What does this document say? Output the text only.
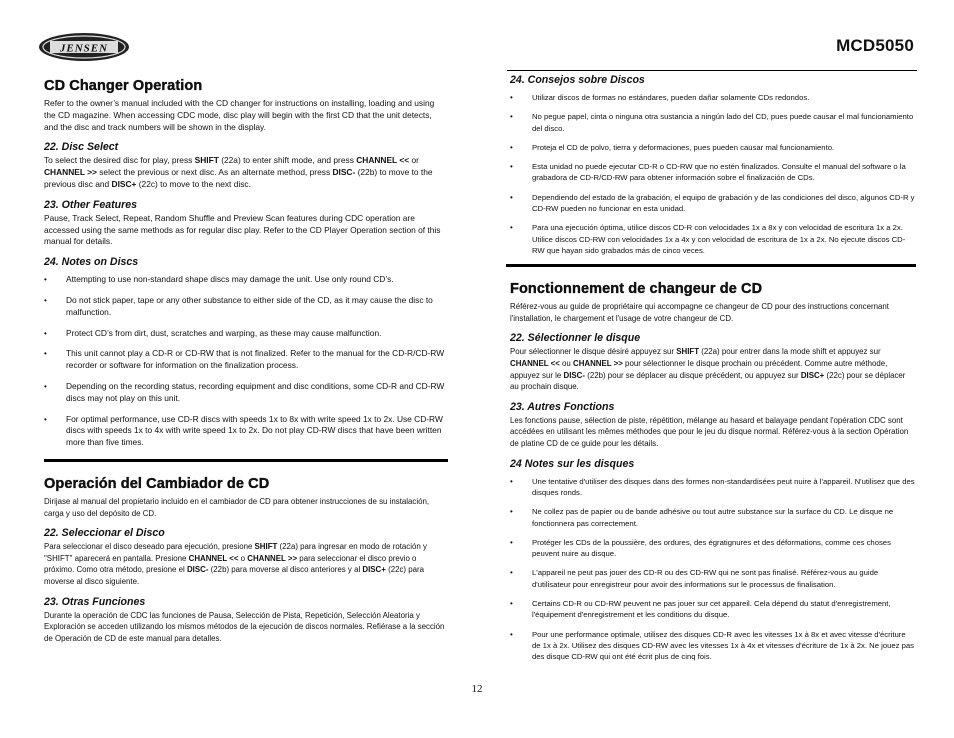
JENSEN	MCD5050
CD Changer Operation

Refer to the owner’s manual included with the CD changer for instructions on installing, loading and using the CD magazine. When accessing CDC mode, disc play will begin with the first CD that the unit detects, and the disc and track numbers will be shown in the display.

22. Disc Select

To select the desired disc for play, press SHIFT (22a) to enter shift mode, and press CHANNEL << or CHANNEL >> select the previous or next disc. As an alternate method, press DISC- (22b) to move to the previous disc and DISC+ (22c) to move to the next disc.

23. Other Features

Pause, Track Select, Repeat, Random Shuffle and Preview Scan features during CDC operation are accessed using the same methods as for regular disc play. Refer to the CD Player Operation section of this manual for details.

24. Notes on Discs
• Attempting to use non-standard shape discs may damage the unit. Use only round CD’s.
• Do not stick paper, tape or any other substance to either side of the CD, as it may cause the disc to malfunction.
• Protect CD’s from dirt, dust, scratches and warping, as these may cause malfunction.
• This unit cannot play a CD-R or CD-RW that is not finalized. Refer to the manual for the CD-R/CD-RW recorder or software for information on the finalization process.
• Depending on the recording status, recording equipment and disc conditions, some CD-R and CD-RW discs may not play on this unit.
• For optimal performance, use CD-R discs with speeds 1x to 8x with write speed 1x to 2x. Use CD-RW discs with speeds 1x to 4x with write speed 1x to 2x. Do not play CD-RW discs that have been written more than five times.
Operación del Cambiador de CD

Dirĳase al manual del propietario incluido en el cambiador de CD para obtener instrucciones de su instalación, carga y uso del depósito de CD.

22. Seleccionar el Disco

Para seleccionar el disco deseado para ejecución, presione SHIFT (22a) para ingresar en modo de rotación y "SHIFT" aparecerá en pantalla. Presione CHANNEL << o CHANNEL >> para seleccionar el disco previo o próximo. Como otra método, presione el DISC- (22b) para moverse al disco anteriores y al DISC+ (22c) para moverse al disco siguiente.

23. Otras Funciones

Durante la operación de CDC las funciones de Pausa, Selección de Pista, Repetición, Selección Aleatoria y Exploración se acceden utilizando los mismos métodos de la ejecución de discos normales. Refiérase a la sección de Operación de CD de este manual para detalles.

24. Consejos sobre Discos
• Utilizar discos de formas no estándares, pueden dañar solamente CDs redondos.
• No pegue papel, cinta o ninguna otra sustancia a ningún lado del CD, pues puede causar el mal funcionamiento del disco.
• Proteja el CD de polvo, tierra y deformaciones, pues pueden causar mal funcionamiento.
• Esta unidad no puede ejecutar CD-R o CD-RW que no estén finalizados. Consulte el manual del software o la grabadora de CD-R/CD-RW para obtener información sobre el finalización de CDs.
• Dependiendo del estado de la grabación, el equipo de grabación y de las condiciones del disco, algunos CD-R y CD-RW pueden no funcionar en esta unidad.
• Para una ejecución óptima, utilice discos CD-R con velocidades 1x a 8x y con velocidad de escritura 1x a 2x. Utilice discos CD-RW con velocidades 1x a 4x y con velocidad de escritura de 1x a 2x. No ejecute discos CD-RW que hayan sido grabados más de cinco veces.
Fonctionnement de changeur de CD

Référez-vous au guide de propriétaire qui accompagne ce changeur de CD pour des instructions concernant l'installation, le chargement et l'usage de votre changeur de CD.

22. Sélectionner le disque

Pour sélectionner le disque désiré appuyez sur SHIFT (22a) pour entrer dans la mode shift et appuyez sur CHANNEL << ou CHANNEL >> pour sélectionner le disque prochain ou précédent. Comme autre méthode, appuyez sur le DISC- (22b) pour se déplacer au disque précédent, ou appuyez sur DISC+ (22c) pour se déplacer au prochain disque.

23. Autres Fonctions

Les fonctions pause, sélection de piste, répétition, mélange au hasard et balayage pendant l'opération CDC sont accédées en utilisant les mêmes méthodes que pour le jeu du disque normal. Référez-vous à la section Opération de platine CD de ce guide pour les détails.

24 Notes sur les disques
• Une tentative d'utiliser des disques dans des formes non-standardisées peut nuire à l'appareil. N'utilisez que des disques ronds.
• Ne collez pas de papier ou de bande adhésive ou tout autre substance sur la surface du CD. Le disque ne fonctionnera pas correctement.
• Protéger les CDs de la poussière, des ordures, des égratignures et des déformations, comme ces choses peuvent nuire au disque.
• L'appareil ne peut pas jouer des CD-R ou des CD-RW qui ne sont pas finalisé. Référez-vous au guide d'utilisateur pour enregistreur pour avoir des informations sur le processus de finalisation.
• Certains CD-R ou CD-RW peuvent ne pas jouer sur cet appareil. Cela dépend du statut d'enregistrement, l'équipement d'enregistrement et les conditions du disque.
• Pour une performance optimale, utilisez des disques CD-R avec les vitesses 1x à 8x et avec vitesse d'écriture de 1x à 2x. Utilisez des disques CD-RW avec les vitesses 1x à 4x et vitesses d'écriture de 1x à 2x. Ne jouez pas des disque CD-RW qui ont été écrit plus de cinq fois.
12
